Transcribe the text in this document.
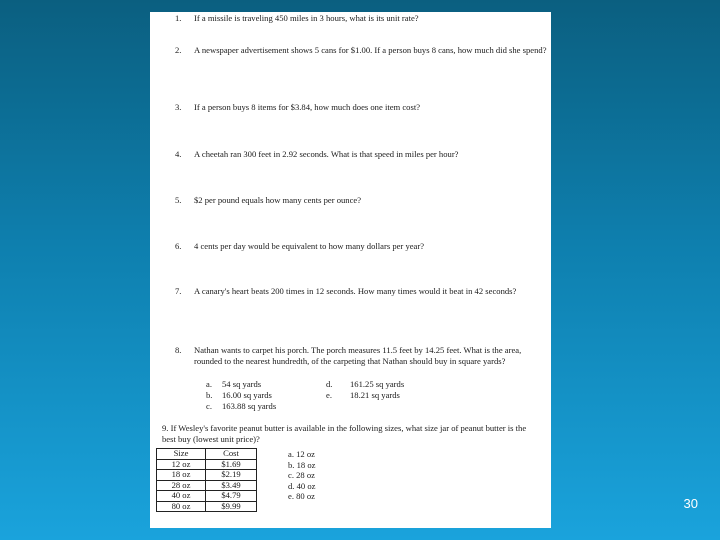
1. If a missile is traveling 450 miles in 3 hours, what is its unit rate?
2. A newspaper advertisement shows 5 cans for $1.00. If a person buys 8 cans, how much did she spend?
3. If a person buys 8 items for $3.84, how much does one item cost?
4. A cheetah ran 300 feet in 2.92 seconds. What is that speed in miles per hour?
5. $2 per pound equals how many cents per ounce?
6. 4 cents per day would be equivalent to how many dollars per year?
7. A canary's heart beats 200 times in 12 seconds. How many times would it beat in 42 seconds?
8. Nathan wants to carpet his porch. The porch measures 11.5 feet by 14.25 feet. What is the area, rounded to the nearest hundredth, of the carpeting that Nathan should buy in square yards?
a. 54 sq yards
b. 16.00 sq yards
c. 163.88 sq yards
d. 161.25 sq yards
e. 18.21 sq yards
9. If Wesley's favorite peanut butter is available in the following sizes, what size jar of peanut butter is the best buy (lowest unit price)?
Size	Cost
12 oz	$1.69
18 oz	$2.19
28 oz	$3.49
40 oz	$4.79
80 oz	$9.99
a. 12 oz
b. 18 oz
c. 28 oz
d. 40 oz
e. 80 oz	30
